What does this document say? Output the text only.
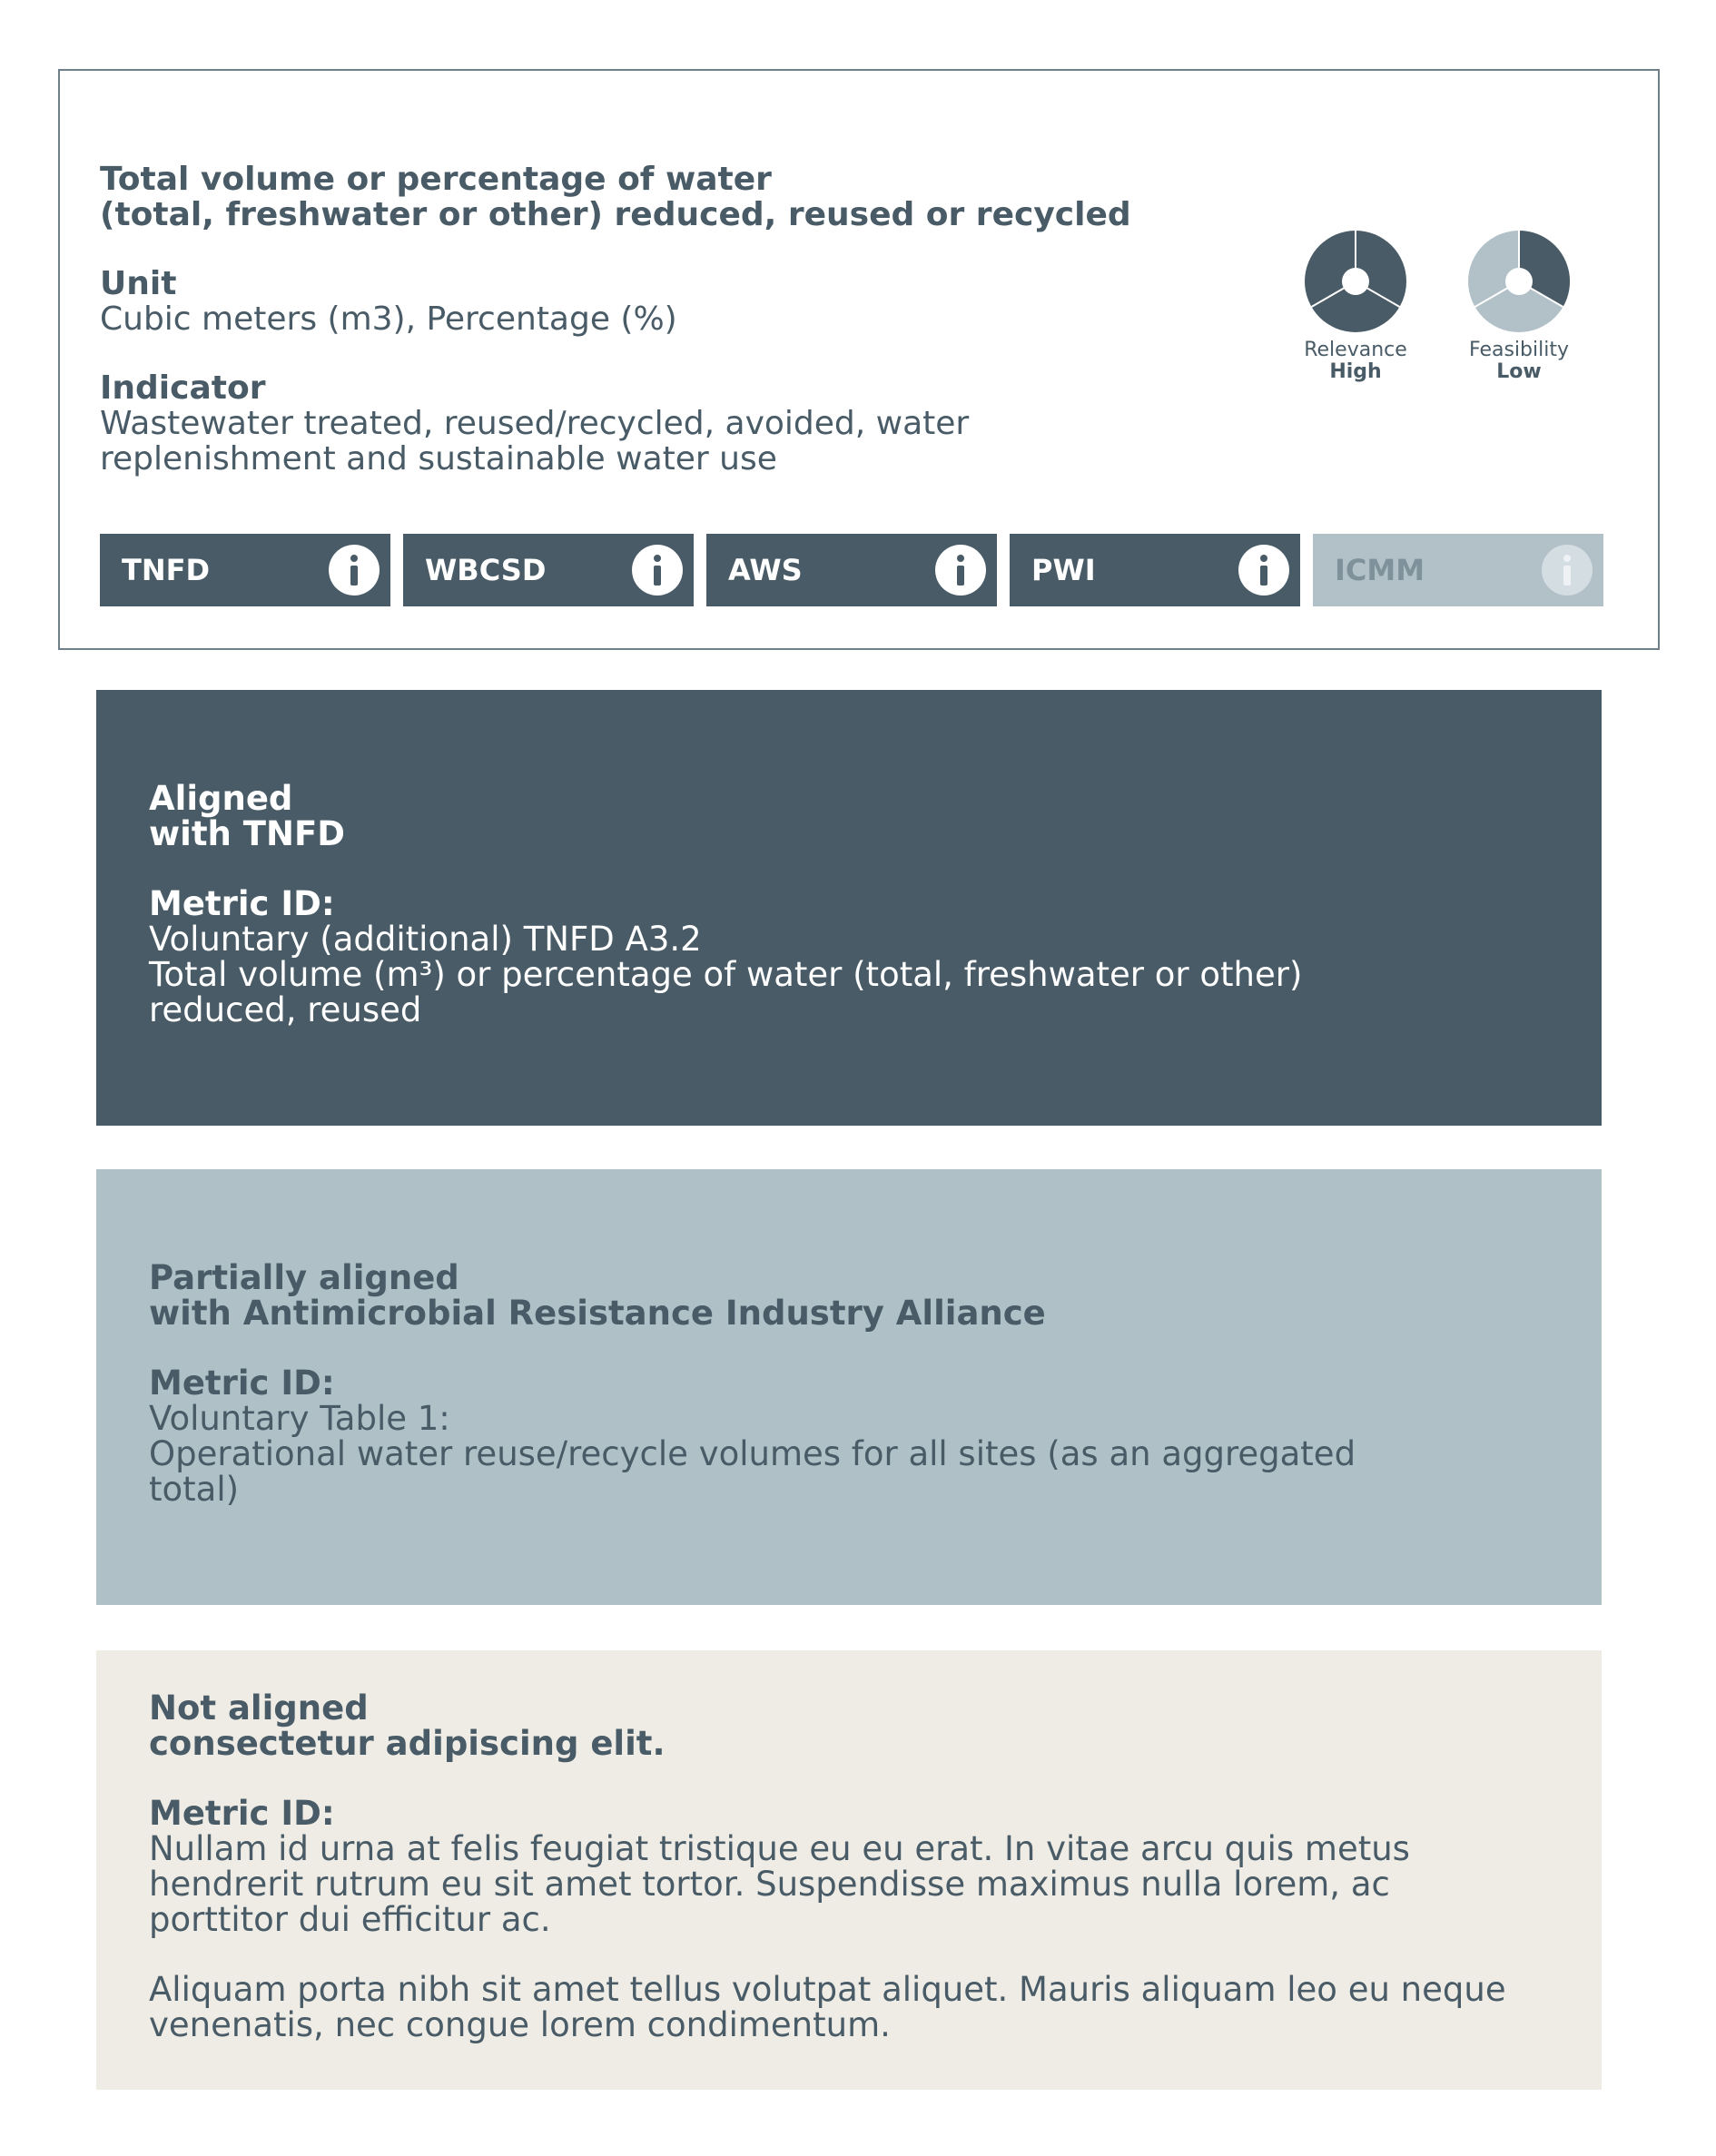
Total volume or percentage of water
(total, freshwater or other) reduced, reused or recycled
Unit
Cubic meters (m3), Percentage (%)
Indicator
Wastewater treated, reused/recycled, avoided, water
replenishment and sustainable water use
Relevance
High
Feasibility
Low
TNFD	WBCSD	AWS	PWI	ICMM
Aligned
with TNFD
Metric ID:
Voluntary (additional) TNFD A3.2
Total volume (m³) or percentage of water (total, freshwater or other)
reduced, reused
Partially aligned
with Antimicrobial Resistance Industry Alliance
Metric ID:
Voluntary Table 1:
Operational water reuse/recycle volumes for all sites (as an aggregated
total)
Not aligned
consectetur adipiscing elit.
Metric ID:
Nullam id urna at felis feugiat tristique eu eu erat. In vitae arcu quis metus hendrerit rutrum eu sit amet tortor. Suspendisse maximus nulla lorem, ac porttitor dui efficitur ac.
Aliquam porta nibh sit amet tellus volutpat aliquet. Mauris aliquam leo eu neque venenatis, nec congue lorem condimentum.
